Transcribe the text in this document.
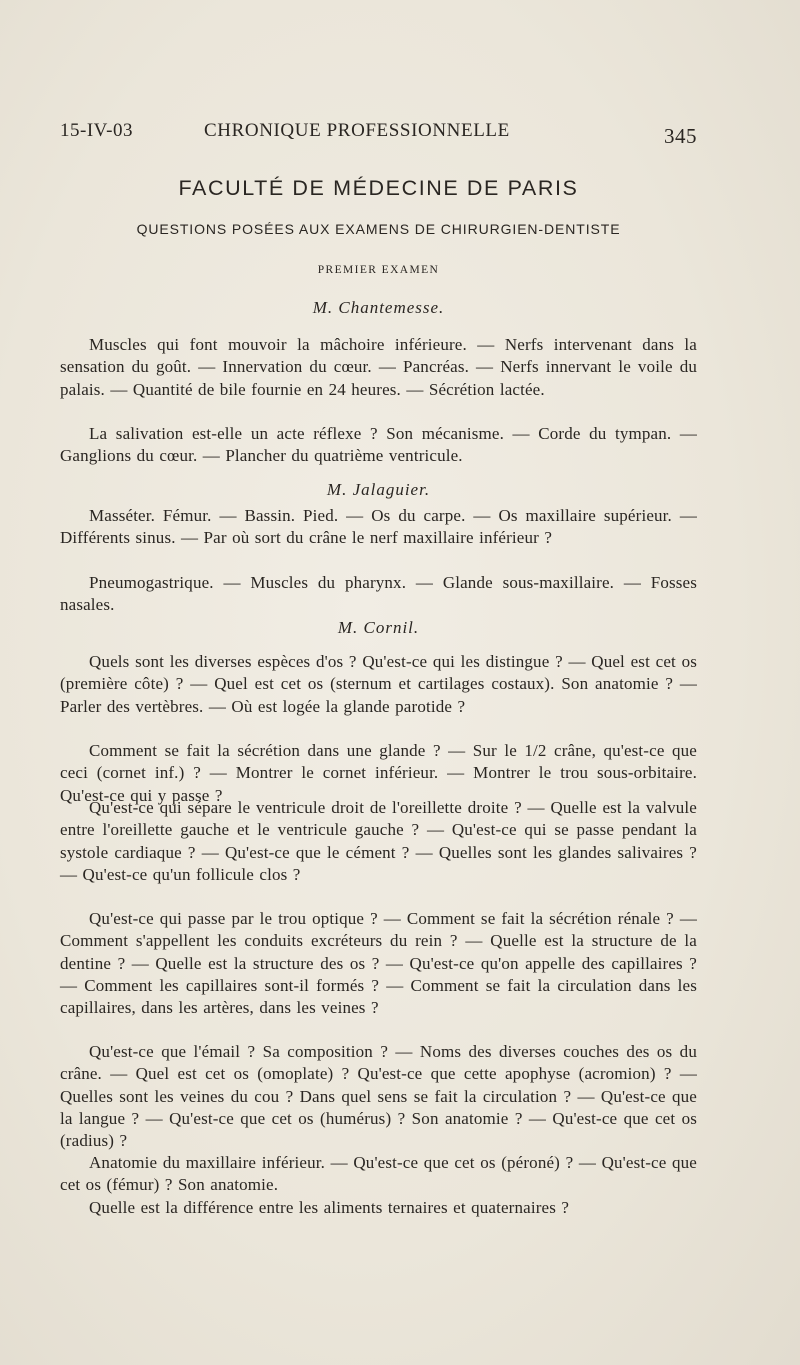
15-IV-03	CHRONIQUE PROFESSIONNELLE	345
FACULTÉ DE MÉDECINE DE PARIS
QUESTIONS POSÉES AUX EXAMENS DE CHIRURGIEN-DENTISTE
PREMIER EXAMEN
M. Chantemesse.

Muscles qui font mouvoir la mâchoire inférieure. — Nerfs intervenant dans la sensation du goût. — Innervation du cœur. — Pancréas. — Nerfs innervant le voile du palais. — Quantité de bile fournie en 24 heures. — Sécrétion lactée.

La salivation est-elle un acte réflexe ? Son mécanisme. — Corde du tympan. — Ganglions du cœur. — Plancher du quatrième ventricule.

M. Jalaguier.

Masséter. Fémur. — Bassin. Pied. — Os du carpe. — Os maxillaire supérieur. — Différents sinus. — Par où sort du crâne le nerf maxillaire inférieur ?

Pneumogastrique. — Muscles du pharynx. — Glande sous-maxillaire. — Fosses nasales.

M. Cornil.

Quels sont les diverses espèces d'os ? Qu'est-ce qui les distingue ? — Quel est cet os (première côte) ? — Quel est cet os (sternum et cartilages costaux). Son anatomie ? — Parler des vertèbres. — Où est logée la glande parotide ?

Comment se fait la sécrétion dans une glande ? — Sur le 1/2 crâne, qu'est-ce que ceci (cornet inf.) ? — Montrer le cornet inférieur. — Montrer le trou sous-orbitaire. Qu'est-ce qui y passe ?

Qu'est-ce qui sépare le ventricule droit de l'oreillette droite ? — Quelle est la valvule entre l'oreillette gauche et le ventricule gauche ? — Qu'est-ce qui se passe pendant la systole cardiaque ? — Qu'est-ce que le cément ? — Quelles sont les glandes salivaires ? — Qu'est-ce qu'un follicule clos ?

Qu'est-ce qui passe par le trou optique ? — Comment se fait la sécrétion rénale ? — Comment s'appellent les conduits excréteurs du rein ? — Quelle est la structure de la dentine ? — Quelle est la structure des os ? — Qu'est-ce qu'on appelle des capillaires ? — Comment les capillaires sont-il formés ? — Comment se fait la circulation dans les capillaires, dans les artères, dans les veines ?

Qu'est-ce que l'émail ? Sa composition ? — Noms des diverses couches des os du crâne. — Quel est cet os (omoplate) ? Qu'est-ce que cette apophyse (acromion) ? — Quelles sont les veines du cou ? Dans quel sens se fait la circulation ? — Qu'est-ce que la langue ? — Qu'est-ce que cet os (humérus) ? Son anatomie ? — Qu'est-ce que cet os (radius) ?

Anatomie du maxillaire inférieur. — Qu'est-ce que cet os (péroné) ? — Qu'est-ce que cet os (fémur) ? Son anatomie.

Quelle est la différence entre les aliments ternaires et quaternaires ?
